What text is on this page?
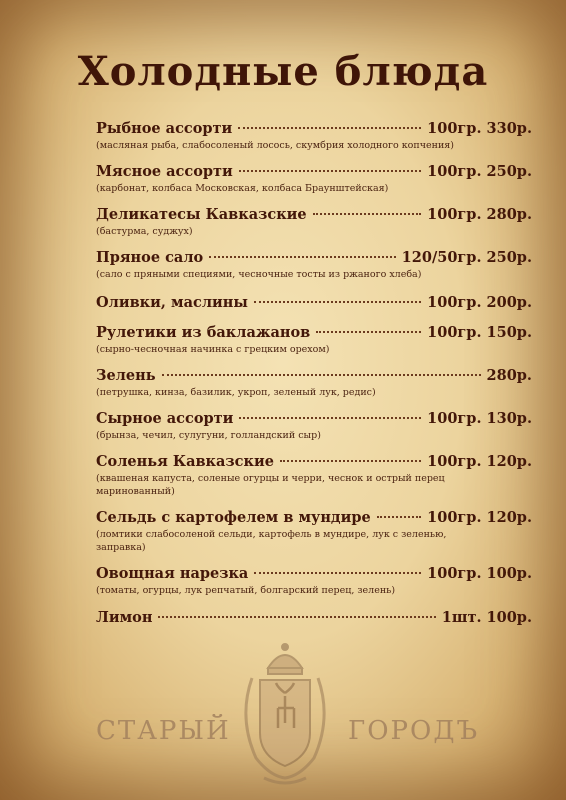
Холодные блюда
Рыбное ассорти	100гр. 330р.
(масляная рыба, слабосоленый лосось, скумбрия холодного копчения)
Мясное ассорти	100гр. 250р.
(карбонат, колбаса Московская, колбаса Браунштейская)
Деликатесы Кавказские	100гр. 280р.
(бастурма, суджух)
Пряное сало	120/50гр. 250р.
(сало с пряными специями, чесночные тосты из ржаного хлеба)
Оливки, маслины	100гр. 200р.
Рулетики из баклажанов	100гр. 150р.
(сырно-чесночная начинка с грецким орехом)
Зелень	280р.
(петрушка, кинза, базилик, укроп, зеленый лук, редис)
Сырное ассорти	100гр. 130р.
(брынза, чечил, сулугуни, голландский сыр)
Соленья Кавказские	100гр. 120р.
(квашеная капуста, соленые огурцы и черри, чеснок и острый перец маринованный)
Сельдь с картофелем в мундире	100гр. 120р.
(ломтики слабосоленой сельди, картофель в мундире, лук с зеленью, заправка)
Овощная нарезка	100гр. 100р.
(томаты, огурцы, лук репчатый, болгарский перец, зелень)
Лимон	1шт. 100р.
СТАРЫЙ	ГОРОДЪ
